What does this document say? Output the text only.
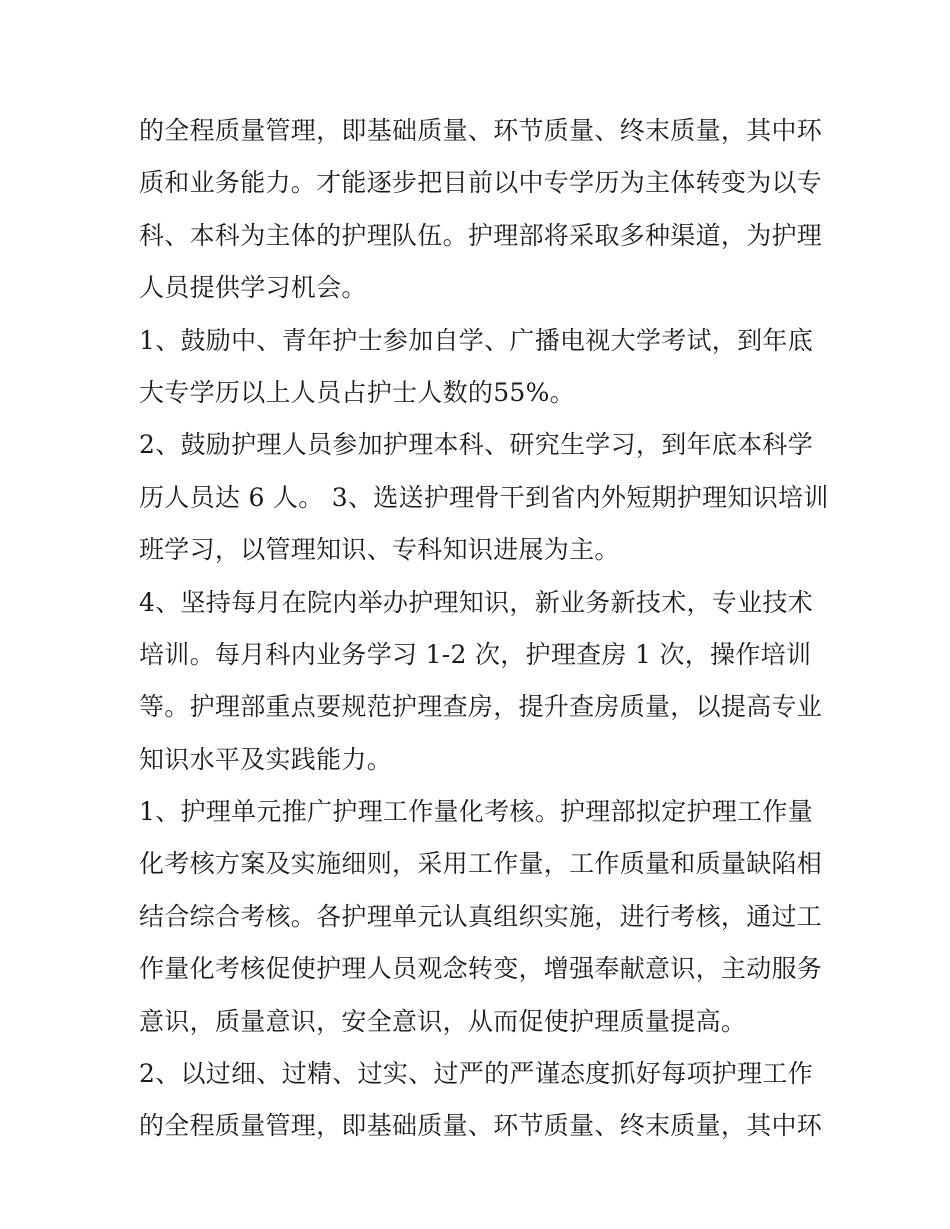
的全程质量管理，即基础质量、环节质量、终末质量，其中环
质和业务能力。才能逐步把目前以中专学历为主体转变为以专
科、本科为主体的护理队伍。护理部将采取多种渠道，为护理
人员提供学习机会。
1、鼓励中、青年护士参加自学、广播电视大学考试，到年底
大专学历以上人员占护士人数的55%。
2、鼓励护理人员参加护理本科、研究生学习，到年底本科学
历人员达 6 人。 3、选送护理骨干到省内外短期护理知识培训
班学习，以管理知识、专科知识进展为主。
4、坚持每月在院内举办护理知识，新业务新技术，专业技术
培训。每月科内业务学习 1-2 次，护理查房 1 次，操作培训
等。护理部重点要规范护理查房，提升查房质量，以提高专业
知识水平及实践能力。
1、护理单元推广护理工作量化考核。护理部拟定护理工作量
化考核方案及实施细则，采用工作量，工作质量和质量缺陷相
结合综合考核。各护理单元认真组织实施，进行考核，通过工
作量化考核促使护理人员观念转变，增强奉献意识，主动服务
意识，质量意识，安全意识，从而促使护理质量提高。
2、以过细、过精、过实、过严的严谨态度抓好每项护理工作
的全程质量管理，即基础质量、环节质量、终末质量，其中环
